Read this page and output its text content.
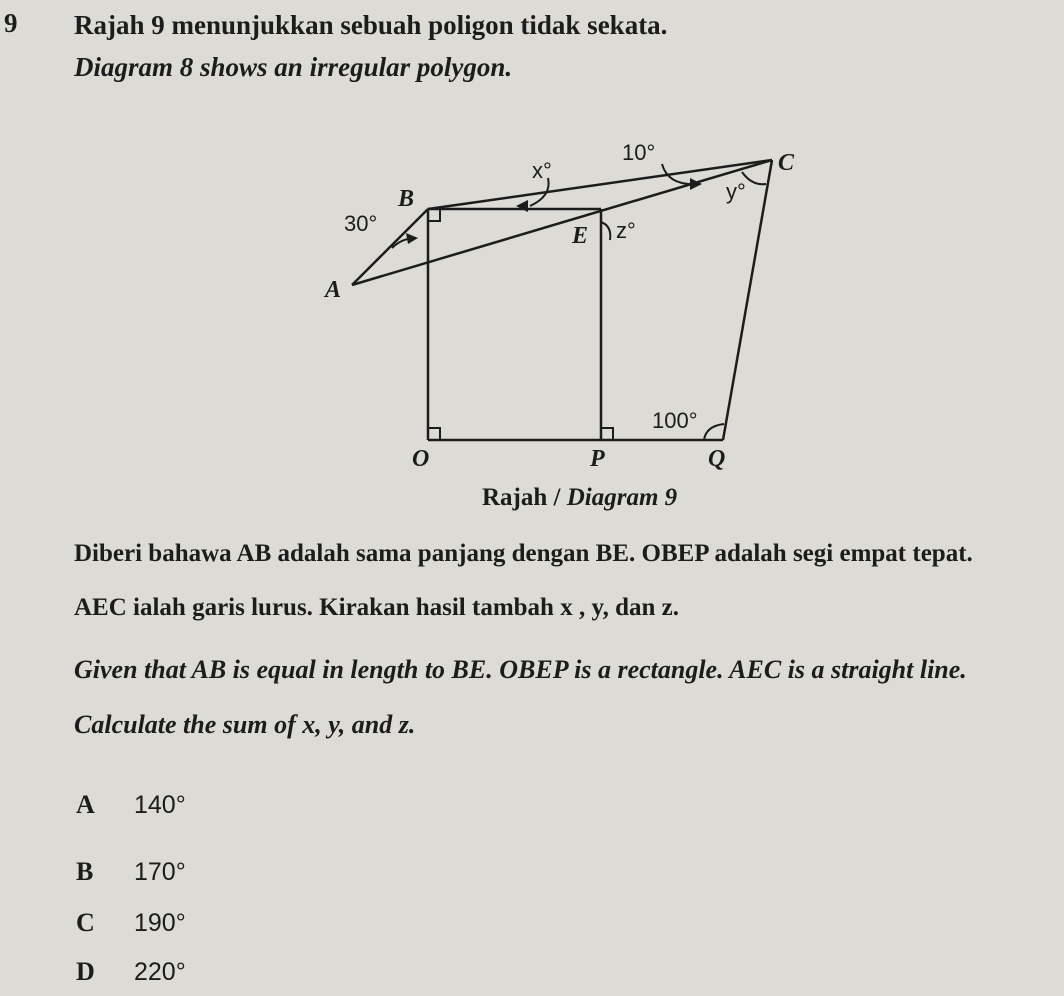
9 Rajah 9 menunjukkan sebuah poligon tidak sekata.
Diagram 8 shows an irregular polygon.
B
A
C
E
O	P	Q
30°
x°
10°
y°
z°
100°
Rajah / Diagram 9
Diberi bahawa AB adalah sama panjang dengan BE. OBEP adalah segi empat tepat.
AEC ialah garis lurus. Kirakan hasil tambah x , y, dan z.
Given that AB is equal in length to BE. OBEP is a rectangle. AEC is a straight line.
Calculate the sum of x, y, and z.
A	140°
B	170°
C	190°
D	220°
